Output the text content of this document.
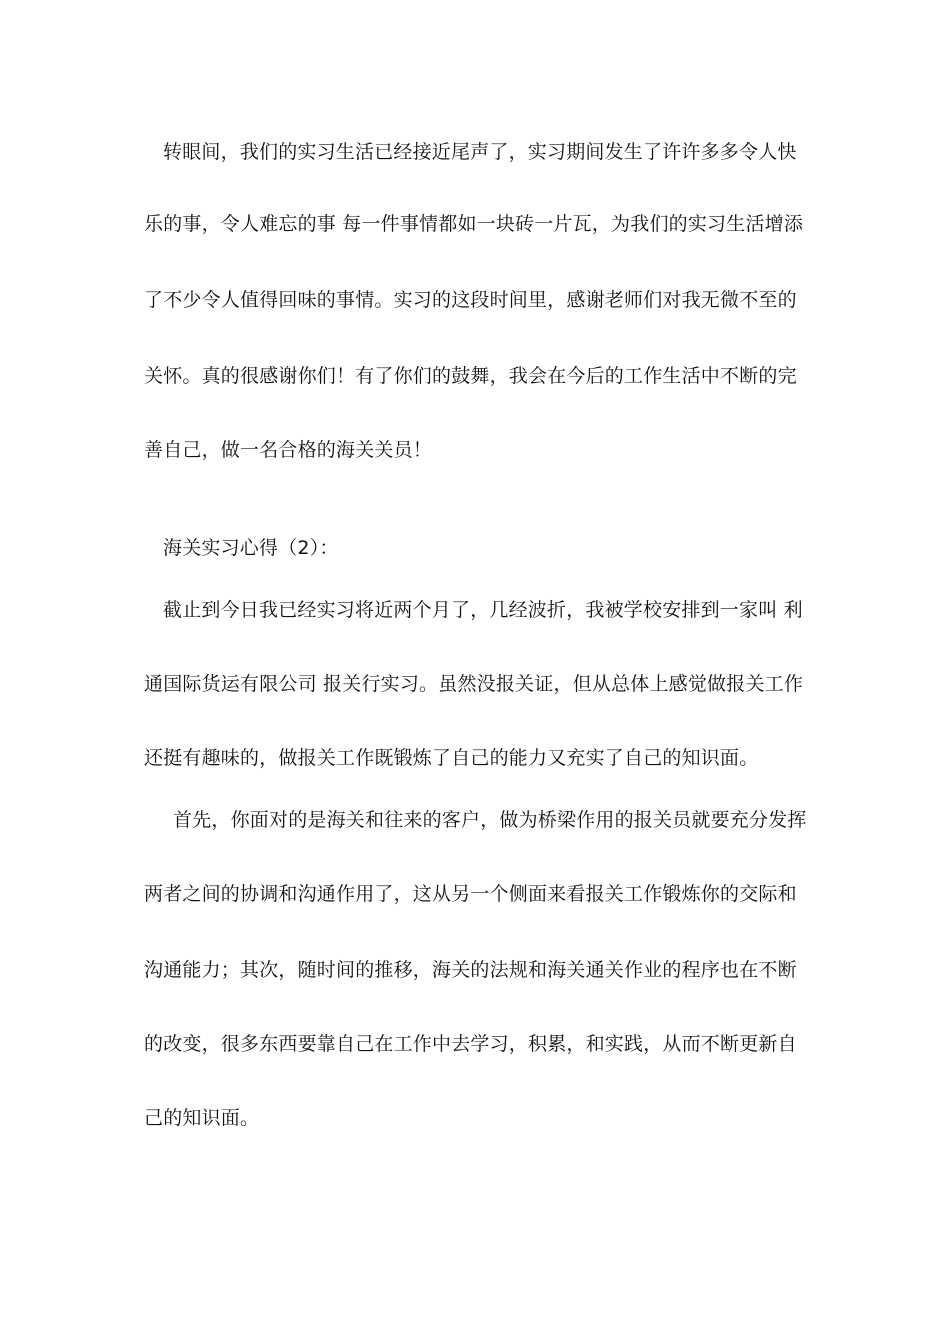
转眼间，我们的实习生活已经接近尾声了，实习期间发生了许许多多令人快
乐的事，令人难忘的事 每一件事情都如一块砖一片瓦，为我们的实习生活增添
了不少令人值得回味的事情。实习的这段时间里，感谢老师们对我无微不至的
关怀。真的很感谢你们！有了你们的鼓舞，我会在今后的工作生活中不断的完
善自己，做一名合格的海关关员！
海关实习心得（2）：
截止到今日我已经实习将近两个月了，几经波折，我被学校安排到一家叫 利
通国际货运有限公司 报关行实习。虽然没报关证，但从总体上感觉做报关工作
还挺有趣味的，做报关工作既锻炼了自己的能力又充实了自己的知识面。
首先，你面对的是海关和往来的客户，做为桥梁作用的报关员就要充分发挥
两者之间的协调和沟通作用了，这从另一个侧面来看报关工作锻炼你的交际和
沟通能力；其次，随时间的推移，海关的法规和海关通关作业的程序也在不断
的改变，很多东西要靠自己在工作中去学习，积累，和实践，从而不断更新自
己的知识面。
